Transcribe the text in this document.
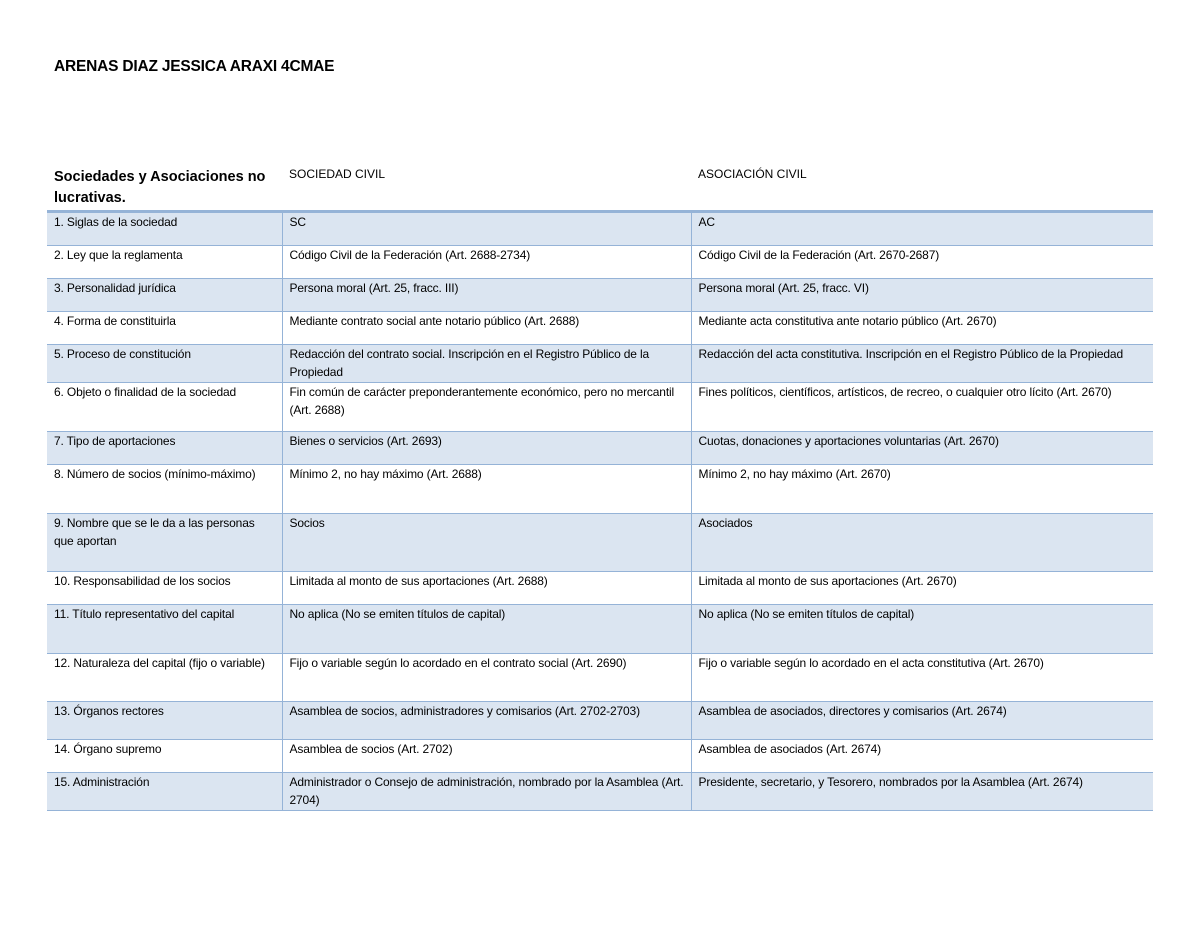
ARENAS DIAZ JESSICA ARAXI 4CMAE
Sociedades y Asociaciones no lucrativas.	SOCIEDAD CIVIL	ASOCIACIÓN CIVIL
1. Siglas de la sociedad	SC	AC
2. Ley que la reglamenta	Código Civil de la Federación (Art. 2688-2734)	Código Civil de la Federación (Art. 2670-2687)
3. Personalidad jurídica	Persona moral (Art. 25, fracc. III)	Persona moral (Art. 25, fracc. VI)
4. Forma de constituirla	Mediante contrato social ante notario público (Art. 2688)	Mediante acta constitutiva ante notario público (Art. 2670)
5. Proceso de constitución	Redacción del contrato social. Inscripción en el Registro Público de la Propiedad	Redacción del acta constitutiva. Inscripción en el Registro Público de la Propiedad
6. Objeto o finalidad de la sociedad	Fin común de carácter preponderantemente económico, pero no mercantil (Art. 2688)	Fines políticos, científicos, artísticos, de recreo, o cualquier otro lícito (Art. 2670)
7. Tipo de aportaciones	Bienes o servicios (Art. 2693)	Cuotas, donaciones y aportaciones voluntarias (Art. 2670)
8. Número de socios (mínimo-máximo)	Mínimo 2, no hay máximo (Art. 2688)	Mínimo 2, no hay máximo (Art. 2670)
9. Nombre que se le da a las personas que aportan	Socios	Asociados
10. Responsabilidad de los socios	Limitada al monto de sus aportaciones (Art. 2688)	Limitada al monto de sus aportaciones (Art. 2670)
11. Título representativo del capital	No aplica (No se emiten títulos de capital)	No aplica (No se emiten títulos de capital)
12. Naturaleza del capital (fijo o variable)	Fijo o variable según lo acordado en el contrato social (Art. 2690)	Fijo o variable según lo acordado en el acta constitutiva (Art. 2670)
13. Órganos rectores	Asamblea de socios, administradores y comisarios (Art. 2702-2703)	Asamblea de asociados, directores y comisarios (Art. 2674)
14. Órgano supremo	Asamblea de socios (Art. 2702)	Asamblea de asociados (Art. 2674)
15. Administración	Administrador o Consejo de administración, nombrado por la Asamblea (Art. 2704)	Presidente, secretario, y Tesorero, nombrados por la Asamblea (Art. 2674)
